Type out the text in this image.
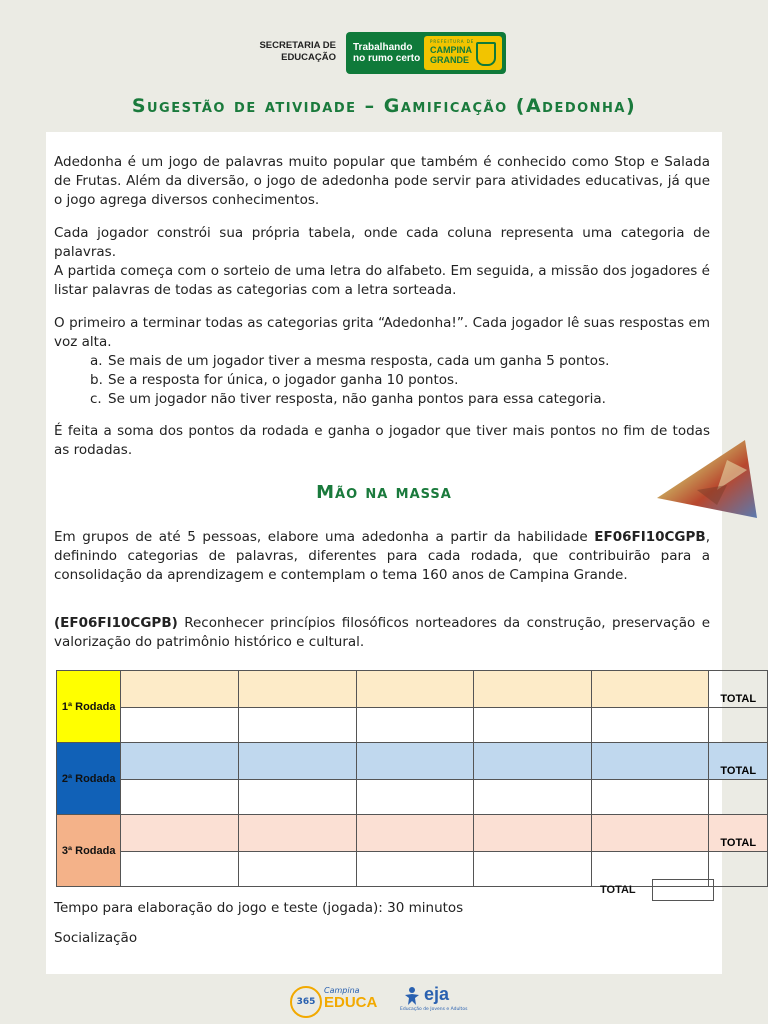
SECRETARIA DE
EDUCAÇÃO
Trabalhando no rumo certo
PREFEITURA DE
CAMPINA GRANDE
Sugestão de atividade – Gamificação (Adedonha)

Adedonha é um jogo de palavras muito popular que também é conhecido como Stop e Salada de Frutas. Além da diversão, o jogo de adedonha pode servir para atividades educativas, já que o jogo agrega diversos conhecimentos.

Cada jogador constrói sua própria tabela, onde cada coluna representa uma categoria de palavras.

A partida começa com o sorteio de uma letra do alfabeto. Em seguida, a missão dos jogadores é listar palavras de todas as categorias com a letra sorteada.

O primeiro a terminar todas as categorias grita “Adedonha!”. Cada jogador lê suas respostas em voz alta.

a. Se mais de um jogador tiver a mesma resposta, cada um ganha 5 pontos.
b. Se a resposta for única, o jogador ganha 10 pontos.
c. Se um jogador não tiver resposta, não ganha pontos para essa categoria.

É feita a soma dos pontos da rodada e ganha o jogador que tiver mais pontos no fim de todas as rodadas.

Mão na massa

Em grupos de até 5 pessoas, elabore uma adedonha a partir da habilidade EF06FI10CGPB, definindo categorias de palavras, diferentes para cada rodada, que contribuirão para a consolidação da aprendizagem e contemplam o tema 160 anos de Campina Grande.

(EF06FI10CGPB) Reconhecer princípios filosóficos norteadores da construção, preservação e valorização do patrimônio histórico e cultural.

Tempo para elaboração do jogo e teste (jogada): 30 minutos
Socialização
1ª Rodada						TOTAL

2ª Rodada						TOTAL

3ª Rodada						TOTAL

TOTAL
365
Campina
EDUCA	eja
Educação de Jovens e Adultos
